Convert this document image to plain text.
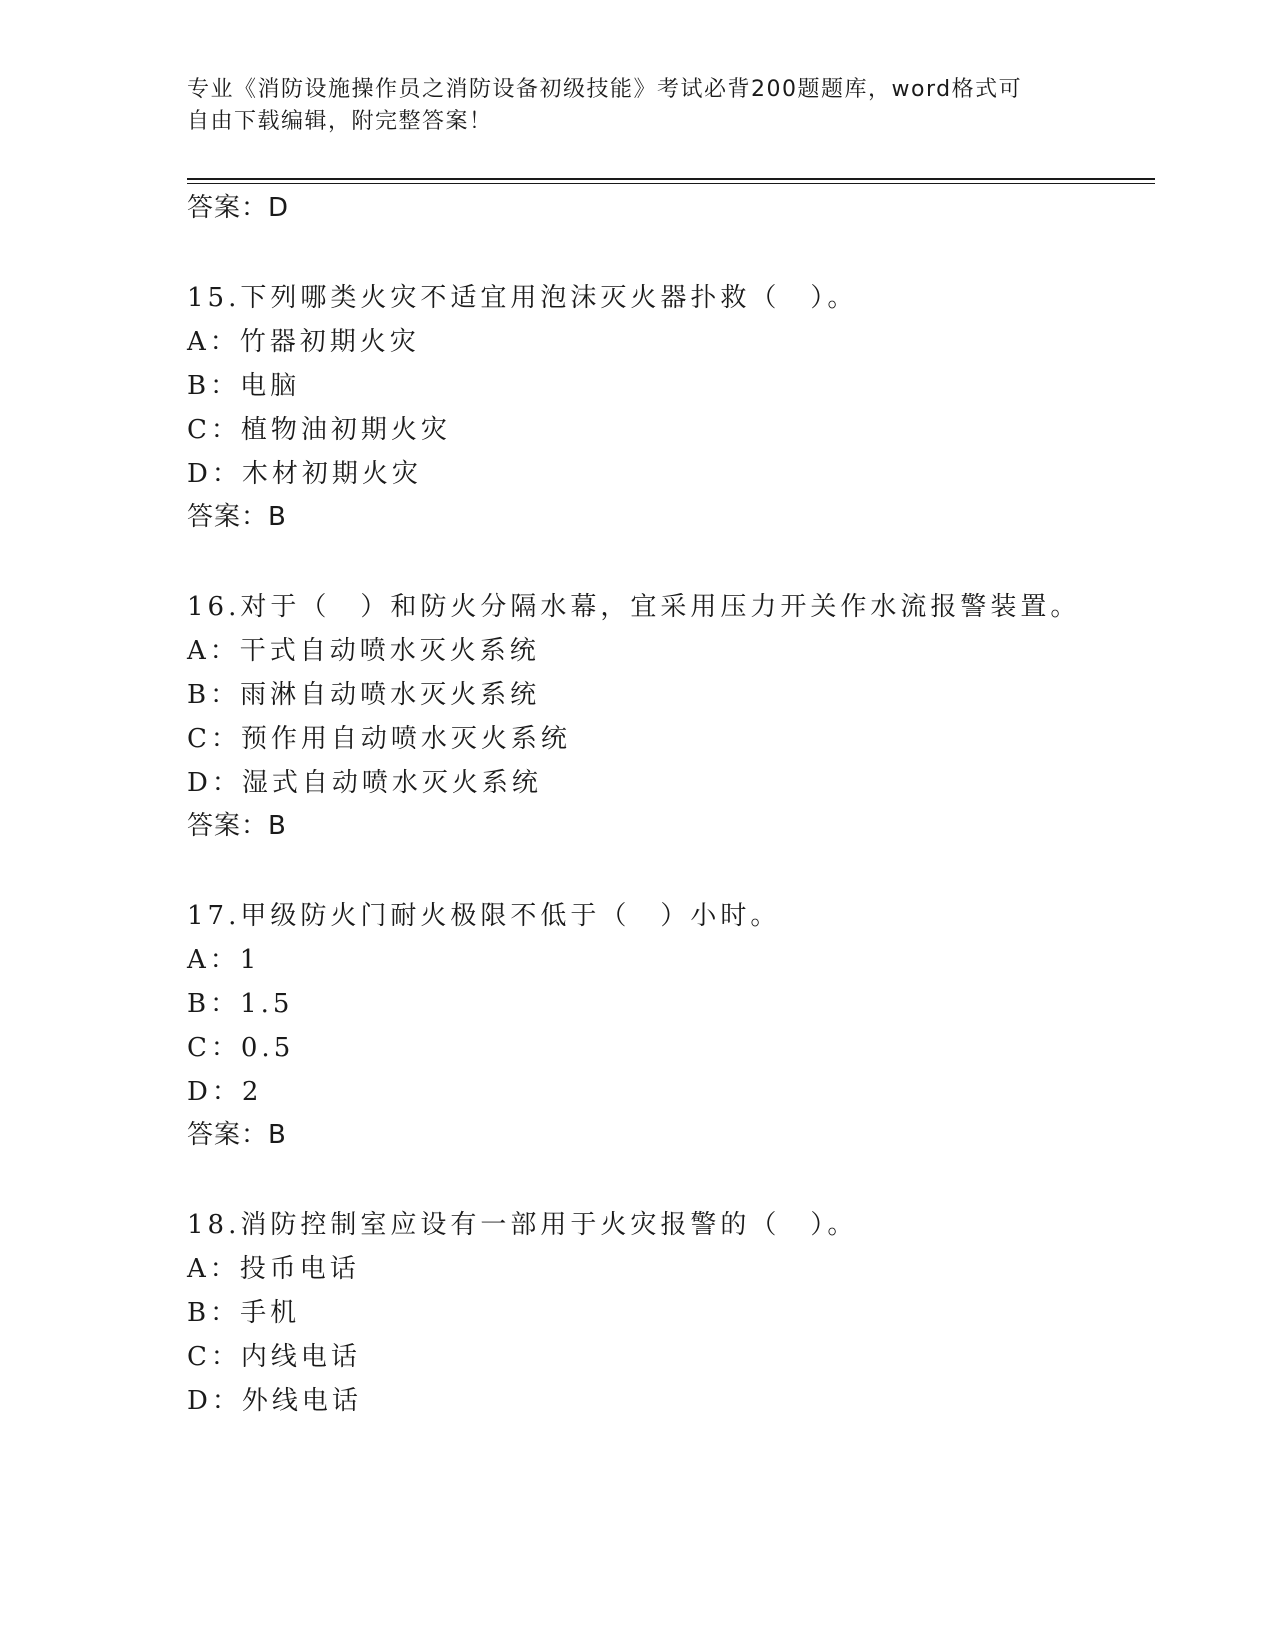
专业《消防设施操作员之消防设备初级技能》考试必背200题题库，word格式可
自由下载编辑，附完整答案！
答案：D
15.下列哪类火灾不适宜用泡沫灭火器扑救（　）。
A：竹器初期火灾
B：电脑
C：植物油初期火灾
D：木材初期火灾
答案：B
16.对于（　）和防火分隔水幕，宜采用压力开关作水流报警装置。
A：干式自动喷水灭火系统
B：雨淋自动喷水灭火系统
C：预作用自动喷水灭火系统
D：湿式自动喷水灭火系统
答案：B
17.甲级防火门耐火极限不低于（　）小时。
A：1
B：1.5
C：0.5
D：2
答案：B
18.消防控制室应设有一部用于火灾报警的（　）。
A：投币电话
B：手机
C：内线电话
D：外线电话
